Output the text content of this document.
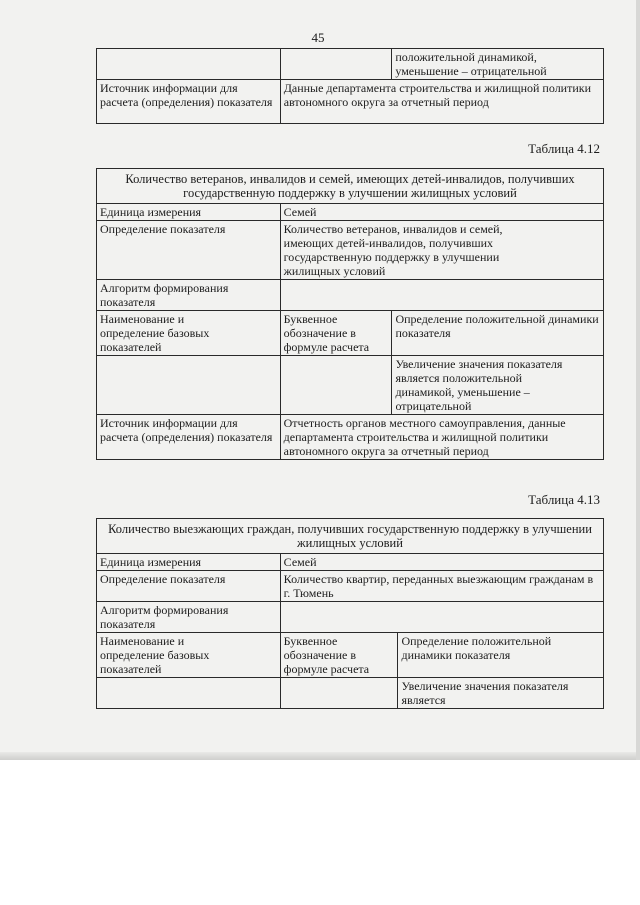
45
		положительной динамикой,
уменьшение – отрицательной
Источник информации для расчета (определения) показателя	Данные департамента строительства и жилищной политики автономного округа за отчетный период	
Таблица 4.12
Количество ветеранов, инвалидов и семей, имеющих детей-инвалидов, получивших государственную поддержку в улучшении жилищных условий		
Единица измерения	Семей	
Определение показателя	Количество ветеранов, инвалидов и семей, имеющих детей-инвалидов, получивших государственную поддержку в улучшении жилищных условий	
Алгоритм формирования показателя		
Наименование и определение базовых показателей	Буквенное обозначение в формуле расчета	Определение положительной динамики показателя
		Увеличение значения показателя является положительной динамикой, уменьшение – отрицательной
Источник информации для расчета (определения) показателя	Отчетность органов местного самоуправления, данные департамента строительства и жилищной политики автономного округа за отчетный период	
Таблица 4.13
Количество выезжающих граждан, получивших государственную поддержку в улучшении жилищных условий		
Единица измерения	Семей	
Определение показателя	Количество квартир, переданных выезжающим гражданам в г. Тюмень	
Алгоритм формирования показателя		
Наименование и определение базовых показателей	Буквенное обозначение в формуле расчета	Определение положительной динамики показателя
		Увеличение значения показателя является
